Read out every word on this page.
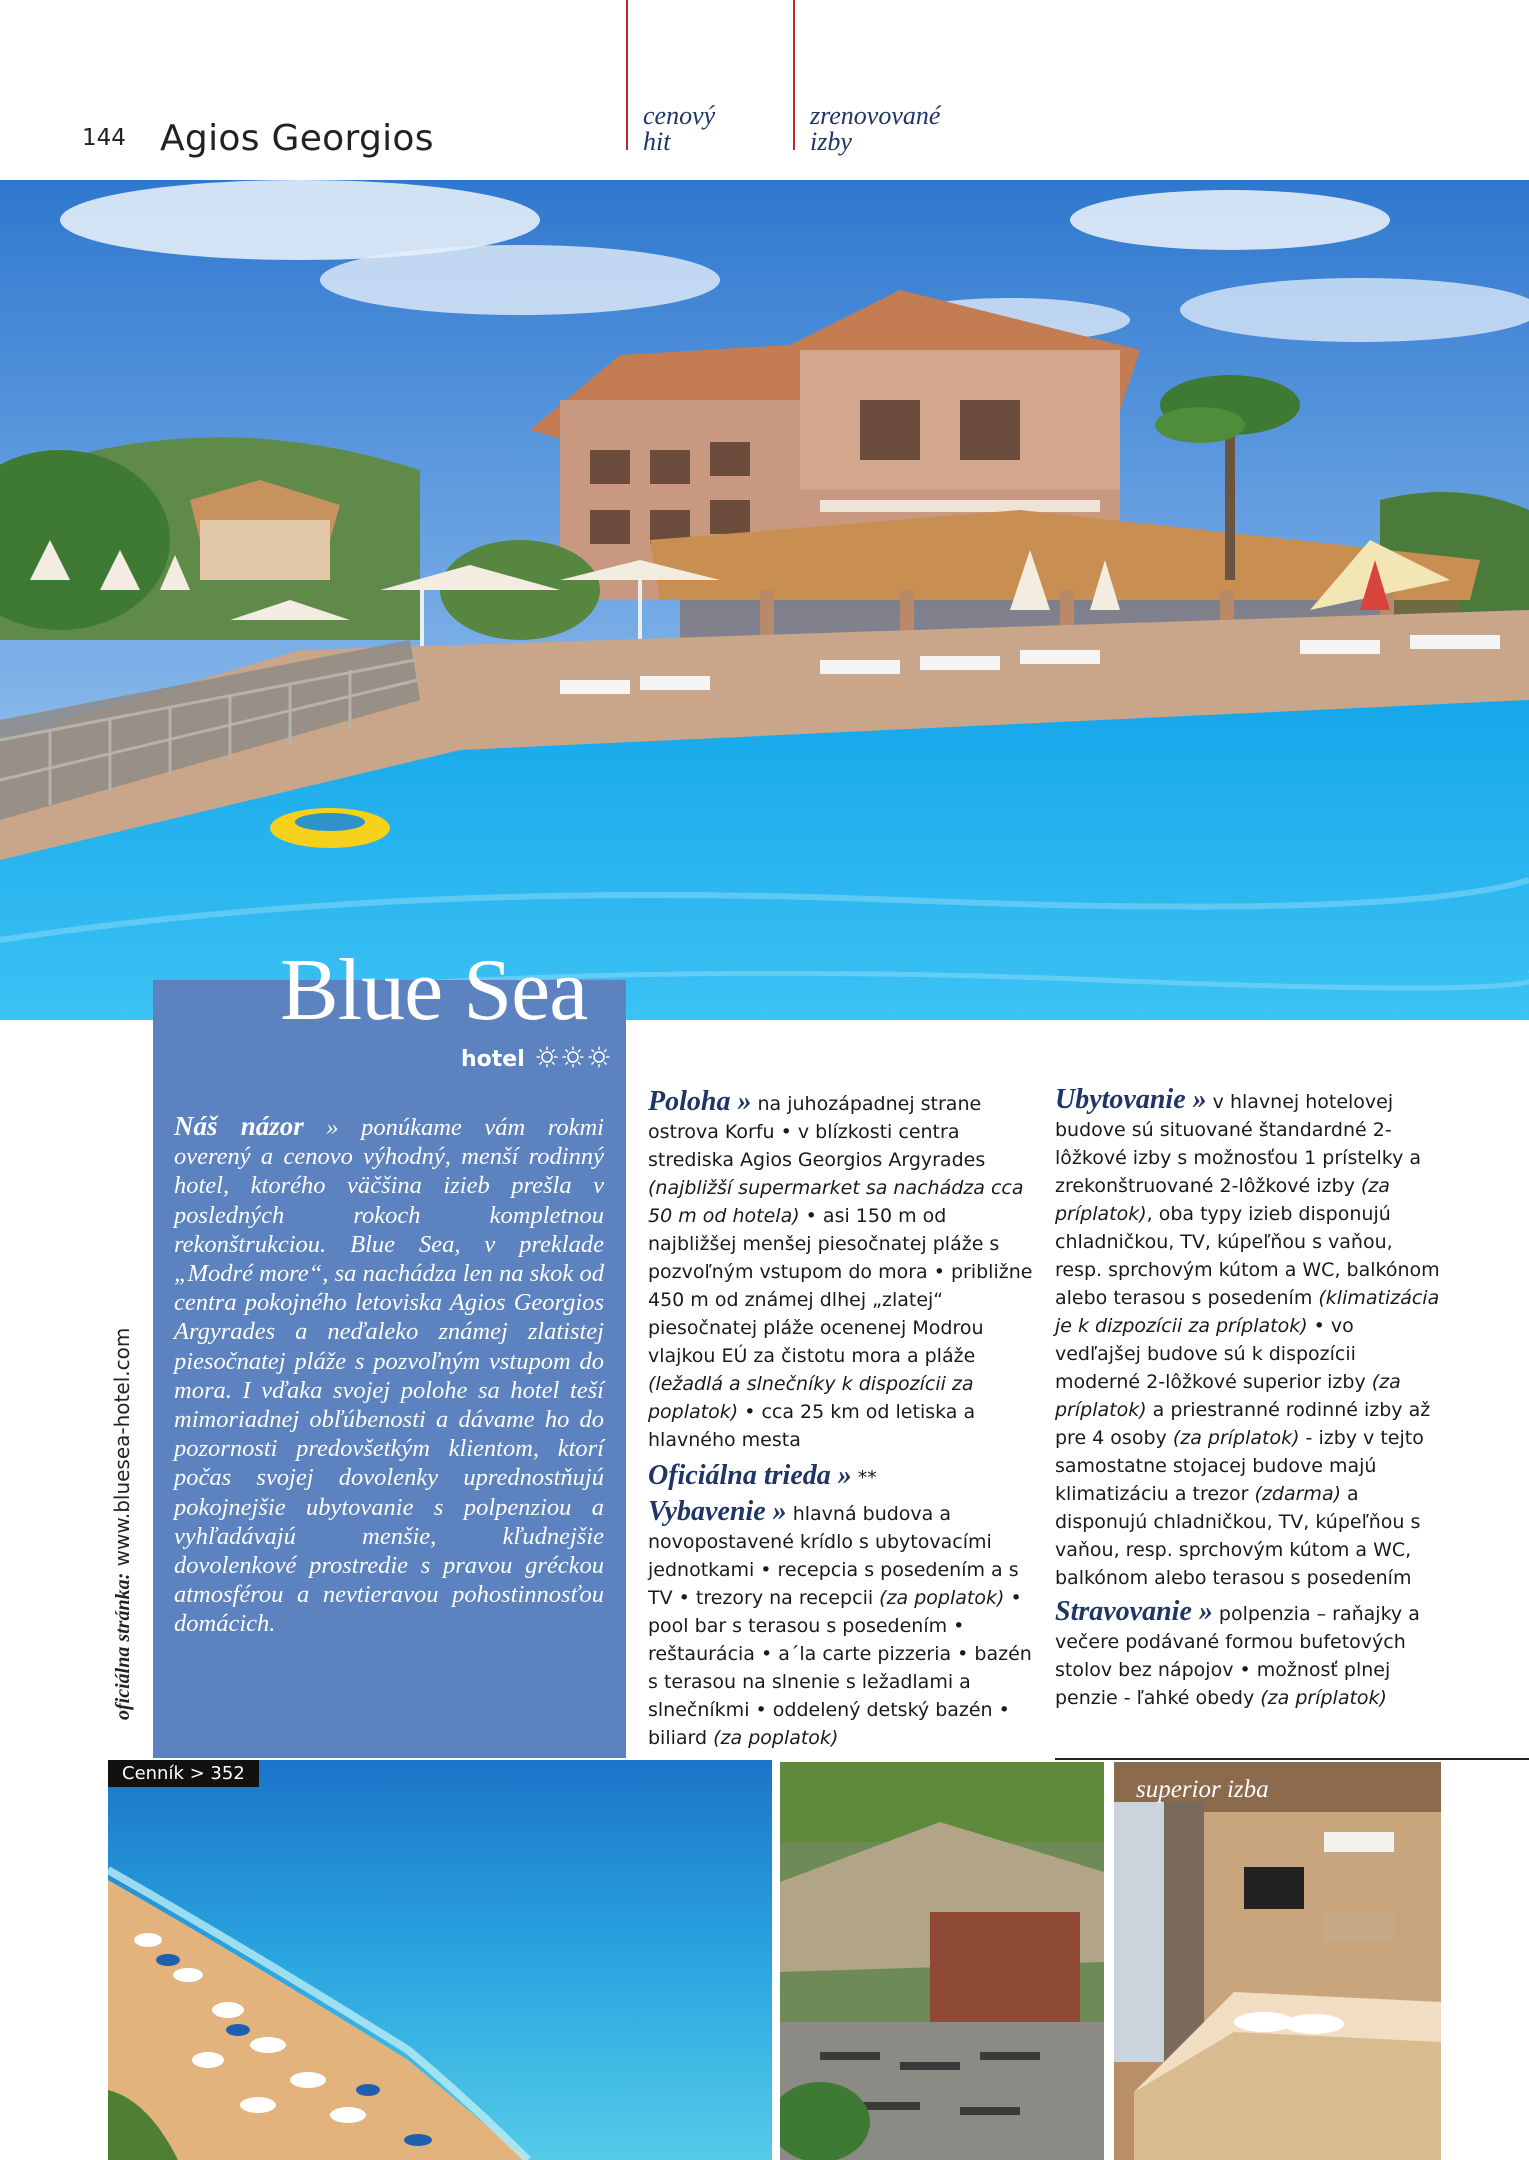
144 Agios Georgios
cenový
hit
zrenovované
izby
Blue Sea
hotel
Náš názor » ponúkame vám rokmi overený a cenovo výhodný, menší rodinný hotel, ktorého väčšina izieb prešla v posledných rokoch kompletnou rekonštrukciou. Blue Sea, v preklade „Modré more“, sa nachádza len na skok od centra pokojného letoviska Agios Georgios Argyrades a neďaleko známej zlatistej piesočnatej pláže s pozvoľným vstupom do mora. I vďaka svojej polohe sa hotel teší mimoriadnej obľúbenosti a dávame ho do pozornosti predovšetkým klientom, ktorí počas svojej dovolenky uprednostňujú pokojnejšie ubytovanie s polpenziou a vyhľadávajú menšie, kľudnejšie dovolenkové prostredie s pravou gréckou atmosférou a nevtieravou pohostinnosťou domácich.
oficiálna stránka: www.bluesea-hotel.com

Poloha » na juhozápadnej strane ostrova Korfu • v blízkosti centra strediska Agios Georgios Argyrades (najbližší supermarket sa nachádza cca 50 m od hotela) • asi 150 m od najbližšej menšej piesočnatej pláže s pozvoľným vstupom do mora • približne 450 m od známej dlhej „zlatej“ piesočnatej pláže ocenenej Modrou vlajkou EÚ za čistotu mora a pláže (ležadlá a slnečníky k dispozícii za poplatok) • cca 25 km od letiska a hlavného mesta

Oficiálna trieda » **

Vybavenie » hlavná budova a novopostavené krídlo s ubytovacími jednotkami • recepcia s posedením a s TV • trezory na recepcii (za poplatok) • pool bar s terasou s posedením • reštaurácia • a´la carte pizzeria • bazén s terasou na slnenie s ležadlami a slnečníkmi • oddelený detský bazén • biliard (za poplatok)

Ubytovanie » v hlavnej hotelovej budove sú situované štandardné 2-lôžkové izby s možnosťou 1 prístelky a zrekonštruované 2-lôžkové izby (za príplatok), oba typy izieb disponujú chladničkou, TV, kúpeľňou s vaňou, resp. sprchovým kútom a WC, balkónom alebo terasou s posedením (klimatizácia je k dizpozícii za príplatok) • vo vedľajšej budove sú k dispozícii moderné 2-lôžkové superior izby (za príplatok) a priestranné rodinné izby až pre 4 osoby (za príplatok) - izby v tejto samostatne stojacej budove majú klimatizáciu a trezor (zdarma) a disponujú chladničkou, TV, kúpeľňou s vaňou, resp. sprchovým kútom a WC, balkónom alebo terasou s posedením

Stravovanie » polpenzia – raňajky a večere podávané formou bufetových stolov bez nápojov • možnosť plnej penzie - ľahké obedy (za príplatok)

Cenník > 352
superior izba
